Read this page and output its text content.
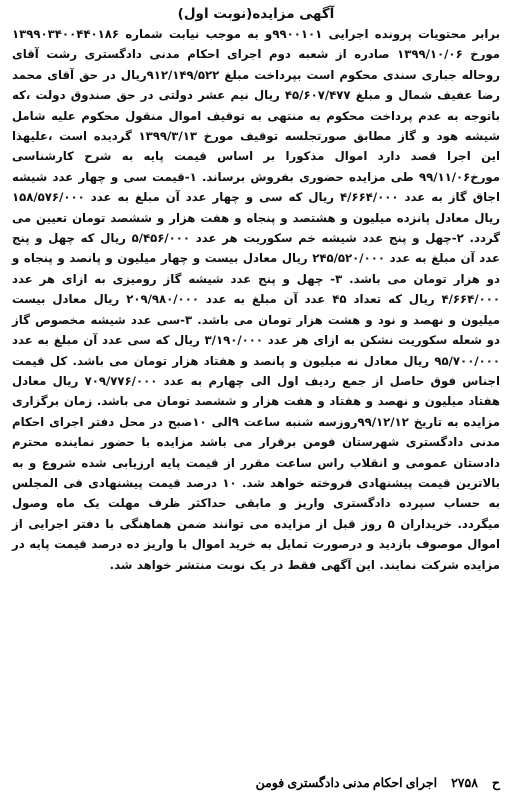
آگهی مزایده(نوبت اول)

برابر محتویات پرونده اجرایی ۹۹۰۰۱۰۱و به موجب نیابت شماره ۱۳۹۹۰۳۴۰۰۴۴۰۱۸۶ مورخ ۱۳۹۹/۱۰/۰۶ صادره از شعبه دوم اجرای احکام مدنی دادگستری رشت آقای روحاله جباری سندی محکوم است بپرداخت مبلغ ۹۱۲/۱۴۹/۵۲۲ریال در حق آقای محمد رضا عفیف شمال و مبلغ ۴۵/۶۰۷/۴۷۷ ریال نیم عشر دولتی در حق صندوق دولت ،که باتوجه به عدم پرداخت محکوم به منتهی به توقیف اموال منقول محکوم علیه شامل شیشه هود و گاز مطابق صورتجلسه توقیف مورخ ۱۳۹۹/۳/۱۳ گردیده است ،علیهذا این اجرا قصد دارد اموال مذکورا بر اساس قیمت پایه به شرح کارشناسی مورخ۹۹/۱۱/۰۶ طی مزایده حضوری بفروش برساند. ۱-قیمت سی و چهار عدد شیشه اجاق گاز به عدد ۴/۶۶۴/۰۰۰ ریال که سی و چهار عدد آن مبلغ به عدد ۱۵۸/۵۷۶/۰۰۰ ریال معادل پانزده میلیون و هشتصد و پنجاه و هفت هزار و ششصد تومان تعیین می گردد. ۲-چهل و پنج عدد شیشه خم سکوریت هر عدد ۵/۴۵۶/۰۰۰ ریال که چهل و پنج عدد آن مبلغ به عدد ۲۴۵/۵۲۰/۰۰۰ ریال معادل بیست و چهار میلیون و پانصد و پنجاه و دو هزار تومان می باشد. ۳- چهل و پنج عدد شیشه گاز رومیزی به ازای هر عدد ۴/۶۶۴/۰۰۰ ریال که تعداد ۴۵ عدد آن مبلغ به عدد ۲۰۹/۹۸۰/۰۰۰ ریال معادل بیست میلیون و نهصد و نود و هشت هزار تومان می باشد. ۳-سی عدد شیشه مخصوص گاز دو شعله سکوریت نشکن به ازای هر عدد ۳/۱۹۰/۰۰۰ ریال که سی عدد آن مبلغ به عدد ۹۵/۷۰۰/۰۰۰ ریال معادل نه میلیون و پانصد و هفتاد هزار تومان می باشد. کل قیمت اجناس فوق حاصل از جمع ردیف اول الی چهارم به عدد ۷۰۹/۷۷۶/۰۰۰ ریال معادل هفتاد میلیون و نهصد و هفتاد و هفت هزار و ششصد تومان می باشد. زمان برگزاری مزایده به تاریخ ۹۹/۱۲/۱۲روزسه شنبه ساعت ۹الی ۱۰صبح در محل دفتر اجرای احکام مدنی دادگستری شهرستان فومن برقرار می باشد مزایده با حضور نماینده محترم دادستان عمومی و انقلاب راس ساعت مقرر از قیمت پایه ارزیابی شده شروع و به بالاترین قیمت پیشنهادی فروخته خواهد شد. ۱۰ درصد قیمت پیشنهادی فی المجلس به حساب سپرده دادگستری واریز و مابقی حداکثر ظرف مهلت یک ماه وصول میگردد. خریداران ۵ روز قبل از مزایده می توانند ضمن هماهنگی با دفتر اجرایی از اموال موصوف بازدید و درصورت تمایل به خرید اموال با واریز ده درصد قیمت پایه در مزایده شرکت نمایند. این آگهی فقط در یک نوبت منتشر خواهد شد.

ح
۲۷۵۸
اجرای احکام مدنی دادگستری فومن
